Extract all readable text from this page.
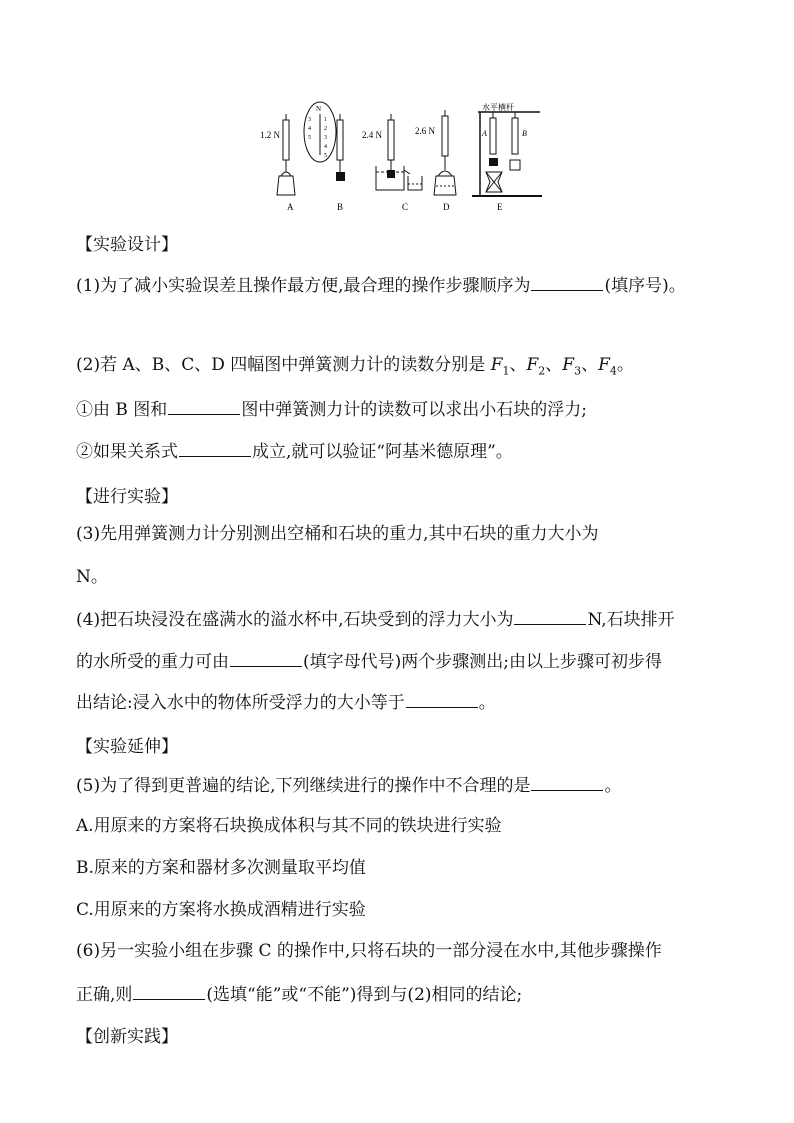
1.2 N
A
N
3
4
5
1
2
3
4
5
B
2.4 N
C
2.6 N
D
水平横杆
A	B
E
【实验设计】
(1)为了减小实验误差且操作最方便,最合理的操作步骤顺序为	(填序号)。
(2)若 A、B、C、D 四幅图中弹簧测力计的读数分别是 $F_1$、$F_2$、$F_3$、$F_4$。
①由 B 图和	图中弹簧测力计的读数可以求出小石块的浮力;
②如果关系式	成立,就可以验证“阿基米德原理”。
【进行实验】
(3)先用弹簧测力计分别测出空桶和石块的重力,其中石块的重力大小为
N。
(4)把石块浸没在盛满水的溢水杯中,石块受到的浮力大小为	N,石块排开
的水所受的重力可由	(填字母代号)两个步骤测出;由以上步骤可初步得
出结论:浸入水中的物体所受浮力的大小等于	。
【实验延伸】
(5)为了得到更普遍的结论,下列继续进行的操作中不合理的是	。
A.用原来的方案将石块换成体积与其不同的铁块进行实验
B.原来的方案和器材多次测量取平均值
C.用原来的方案将水换成酒精进行实验
(6)另一实验小组在步骤 C 的操作中,只将石块的一部分浸在水中,其他步骤操作
正确,则	(选填“能”或“不能”)得到与(2)相同的结论;
【创新实践】
